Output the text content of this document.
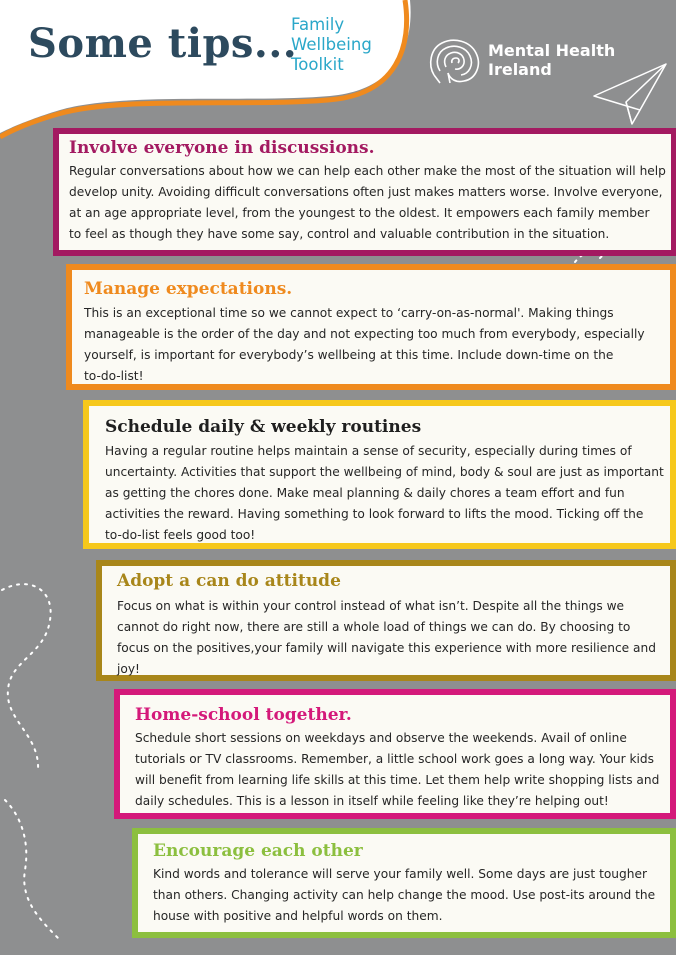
Some tips...
Family
Wellbeing
Toolkit
Mental Health
Ireland
Involve everyone in discussions.
Regular conversations about how we can help each other make the most of the situation will help
develop unity. Avoiding difficult conversations often just makes matters worse. Involve everyone,
at an age appropriate level, from the youngest to the oldest. It empowers each family member
to feel as though they have some say, control and valuable contribution in the situation.
Manage expectations.
This is an exceptional time so we cannot expect to ‘carry-on-as-normal'. Making things
manageable is the order of the day and not expecting too much from everybody, especially
yourself, is important for everybody’s wellbeing at this time. Include down-time on the
to-do-list!
Schedule daily & weekly routines
Having a regular routine helps maintain a sense of security, especially during times of
uncertainty. Activities that support the wellbeing of mind, body & soul are just as important
as getting the chores done. Make meal planning & daily chores a team effort and fun
activities the reward. Having something to look forward to lifts the mood. Ticking off the
to-do-list feels good too!
Adopt a can do attitude
Focus on what is within your control instead of what isn’t. Despite all the things we
cannot do right now, there are still a whole load of things we can do. By choosing to
focus on the positives,your family will navigate this experience with more resilience and
joy!
Home-school together.
Schedule short sessions on weekdays and observe the weekends. Avail of online
tutorials or TV classrooms. Remember, a little school work goes a long way. Your kids
will benefit from learning life skills at this time. Let them help write shopping lists and
daily schedules. This is a lesson in itself while feeling like they’re helping out!
Encourage each other
Kind words and tolerance will serve your family well. Some days are just tougher
than others. Changing activity can help change the mood. Use post-its around the
house with positive and helpful words on them.
